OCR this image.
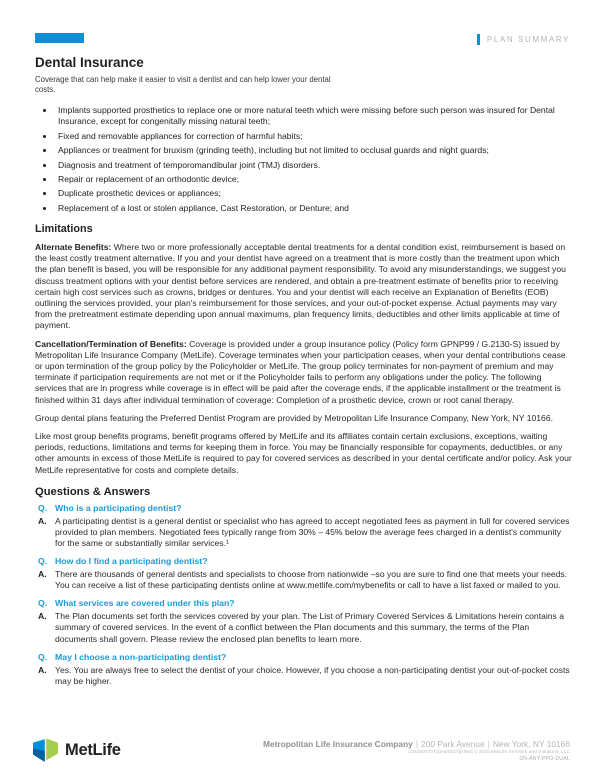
PLAN SUMMARY
Dental Insurance

Coverage that can help make it easier to visit a dentist and can help lower your dental costs.

• Implants supported prosthetics to replace one or more natural teeth which were missing before such person was insured for Dental Insurance, except for congenitally missing natural teeth;
• Fixed and removable appliances for correction of harmful habits;
• Appliances or treatment for bruxism (grinding teeth), including but not limited to occlusal guards and night guards;
• Diagnosis and treatment of temporomandibular joint (TMJ) disorders.
• Repair or replacement of an orthodontic device;
• Duplicate prosthetic devices or appliances;
• Replacement of a lost or stolen appliance, Cast Restoration, or Denture; and
Limitations

Alternate Benefits: Where two or more professionally acceptable dental treatments for a dental condition exist, reimbursement is based on the least costly treatment alternative. If you and your dentist have agreed on a treatment that is more costly than the treatment upon which the plan benefit is based, you will be responsible for any additional payment responsibility. To avoid any misunderstandings, we suggest you discuss treatment options with your dentist before services are rendered, and obtain a pre-treatment estimate of benefits prior to receiving certain high cost services such as crowns, bridges or dentures. You and your dentist will each receive an Explanation of Benefits (EOB) outlining the services provided, your plan's reimbursement for those services, and your out-of-pocket expense. Actual payments may vary from the pretreatment estimate depending upon annual maximums, plan frequency limits, deductibles and other limits applicable at time of payment.

Cancellation/Termination of Benefits: Coverage is provided under a group insurance policy (Policy form GPNP99 / G.2130-S) issued by Metropolitan Life Insurance Company (MetLife). Coverage terminates when your participation ceases, when your dental contributions cease or upon termination of the group policy by the Policyholder or MetLife. The group policy terminates for non-payment of premium and may terminate if participation requirements are not met or if the Policyholder fails to perform any obligations under the policy. The following services that are in progress while coverage is in effect will be paid after the coverage ends, if the applicable installment or the treatment is finished within 31 days after individual termination of coverage: Completion of a prosthetic device, crown or root canal therapy.

Group dental plans featuring the Preferred Dentist Program are provided by Metropolitan Life Insurance Company, New York, NY 10166.

Like most group benefits programs, benefit programs offered by MetLife and its affiliates contain certain exclusions, exceptions, waiting periods, reductions, limitations and terms for keeping them in force. You may be financially responsible for copayments, deductibles, or any other amounts in excess of those MetLife is required to pay for covered services as described in your dental certificate and/or policy. Ask your MetLife representative for costs and complete details.

Questions & Answers
Q. Who is a participating dentist?
A. A participating dentist is a general dentist or specialist who has agreed to accept negotiated fees as payment in full for covered services provided to plan members. Negotiated fees typically range from 30% – 45% below the average fees charged in a dentist's community for the same or substantially similar services.¹
Q. How do I find a participating dentist?
A. There are thousands of general dentists and specialists to choose from nationwide –so you are sure to find one that meets your needs. You can receive a list of these participating dentists online at www.metlife.com/mybenefits or call to have a list faxed or mailed to you.
Q. What services are covered under this plan?
A. The Plan documents set forth the services covered by your plan. The List of Primary Covered Services & Limitations herein contains a summary of covered services. In the event of a conflict between the Plan documents and this summary, the terms of the Plan documents shall govern. Please review the enclosed plan benefits to learn more.
Q. May I choose a non-participating dentist?
A. Yes. You are always free to select the dentist of your choice. However, if you choose a non-participating dentist your out-of-pocket costs may be higher.
MetLife	Metropolitan Life Insurance Company | 200 Park Avenue | New York, NY 10166
L0325047071[exp0327][xNM] © 2025 MetLife Services and Solutions, LLC
DN-ANY-PPO-DUAL
